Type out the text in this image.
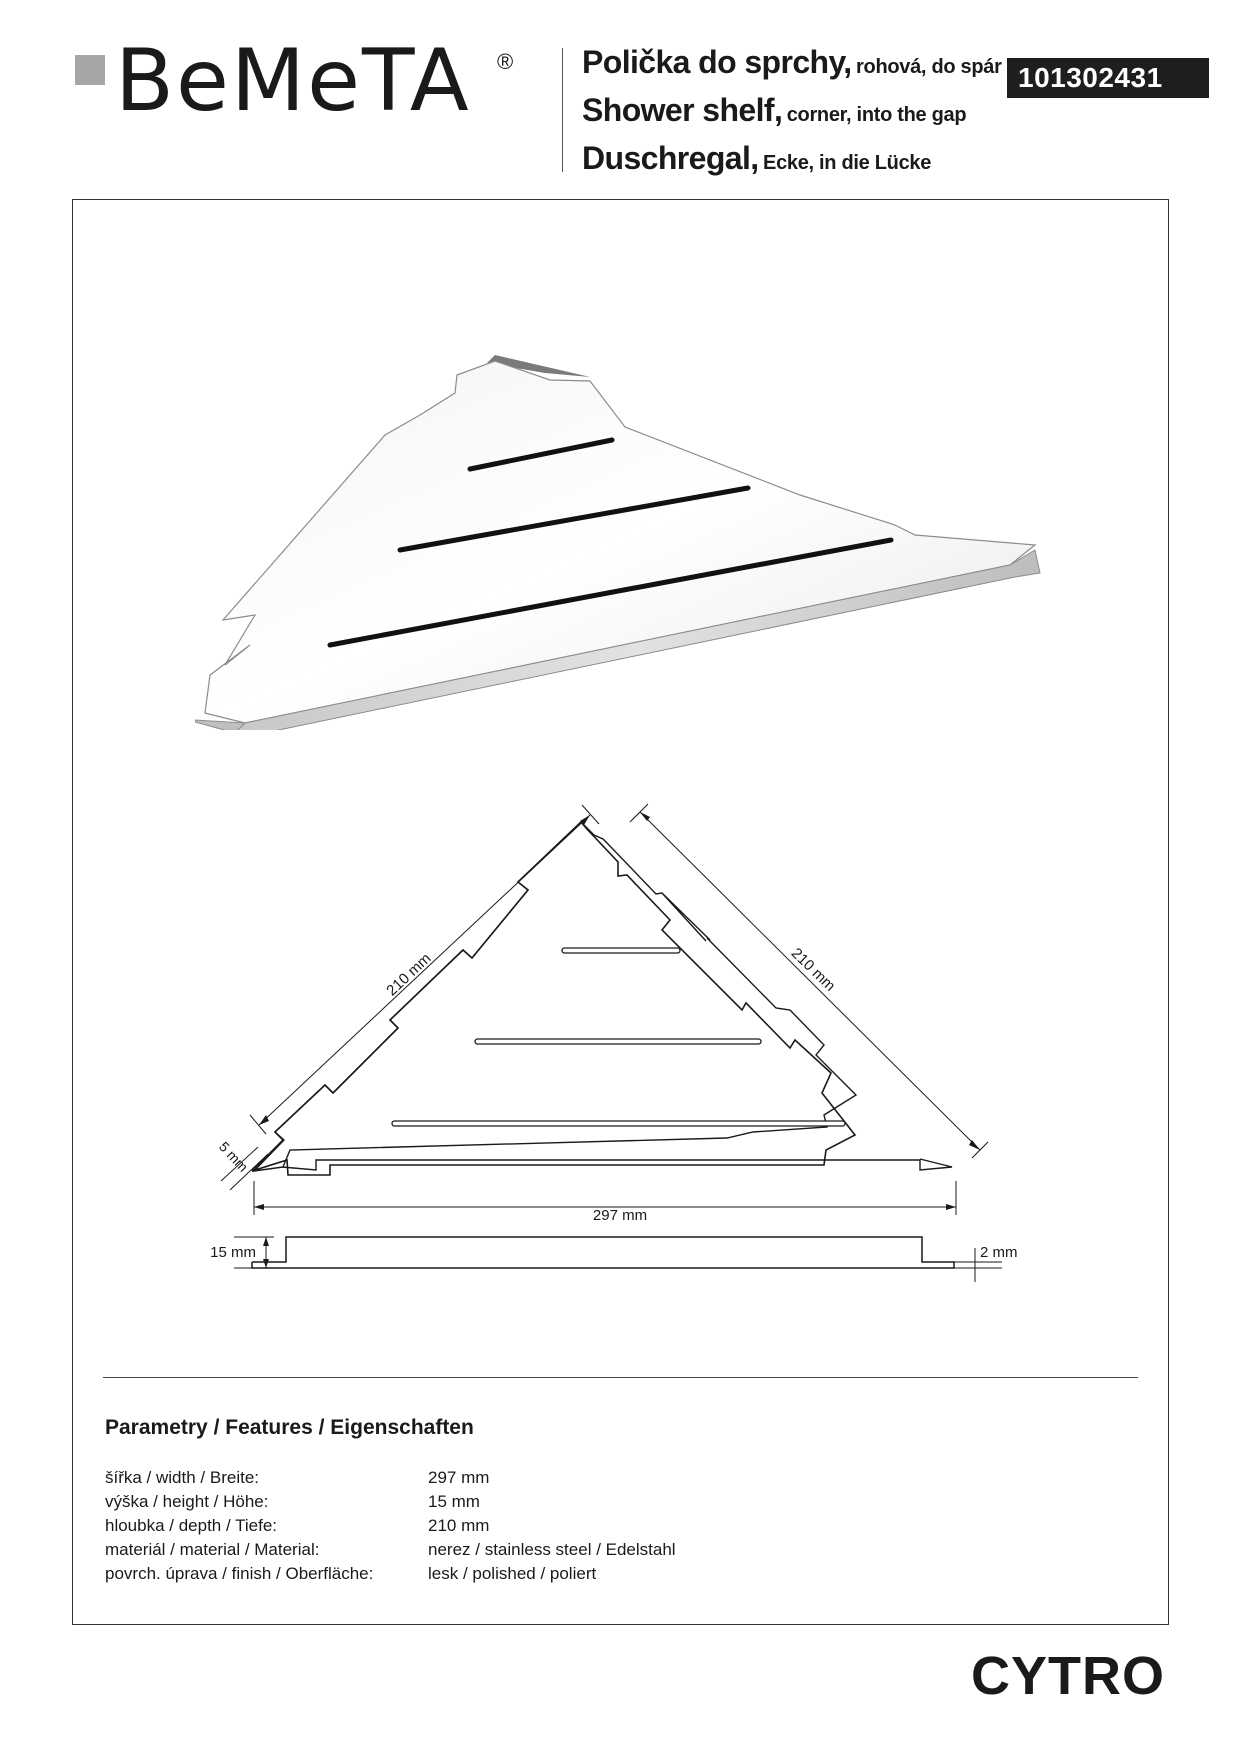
BeMeTA ® Polička do sprchy, rohová, do spár
Shower shelf, corner, into the gap
Duschregal, Ecke, in die Lücke
101302431
210 mm	210 mm
5 mm
297 mm
15 mm	2 mm
Parametry / Features / Eigenschaften
šířka / width / Breite:	297 mm
výška / height / Höhe:	15 mm
hloubka / depth / Tiefe:	210 mm
materiál / material / Material:	nerez / stainless steel / Edelstahl
povrch. úprava / finish / Oberfläche:	lesk / polished / poliert
CYTRO
